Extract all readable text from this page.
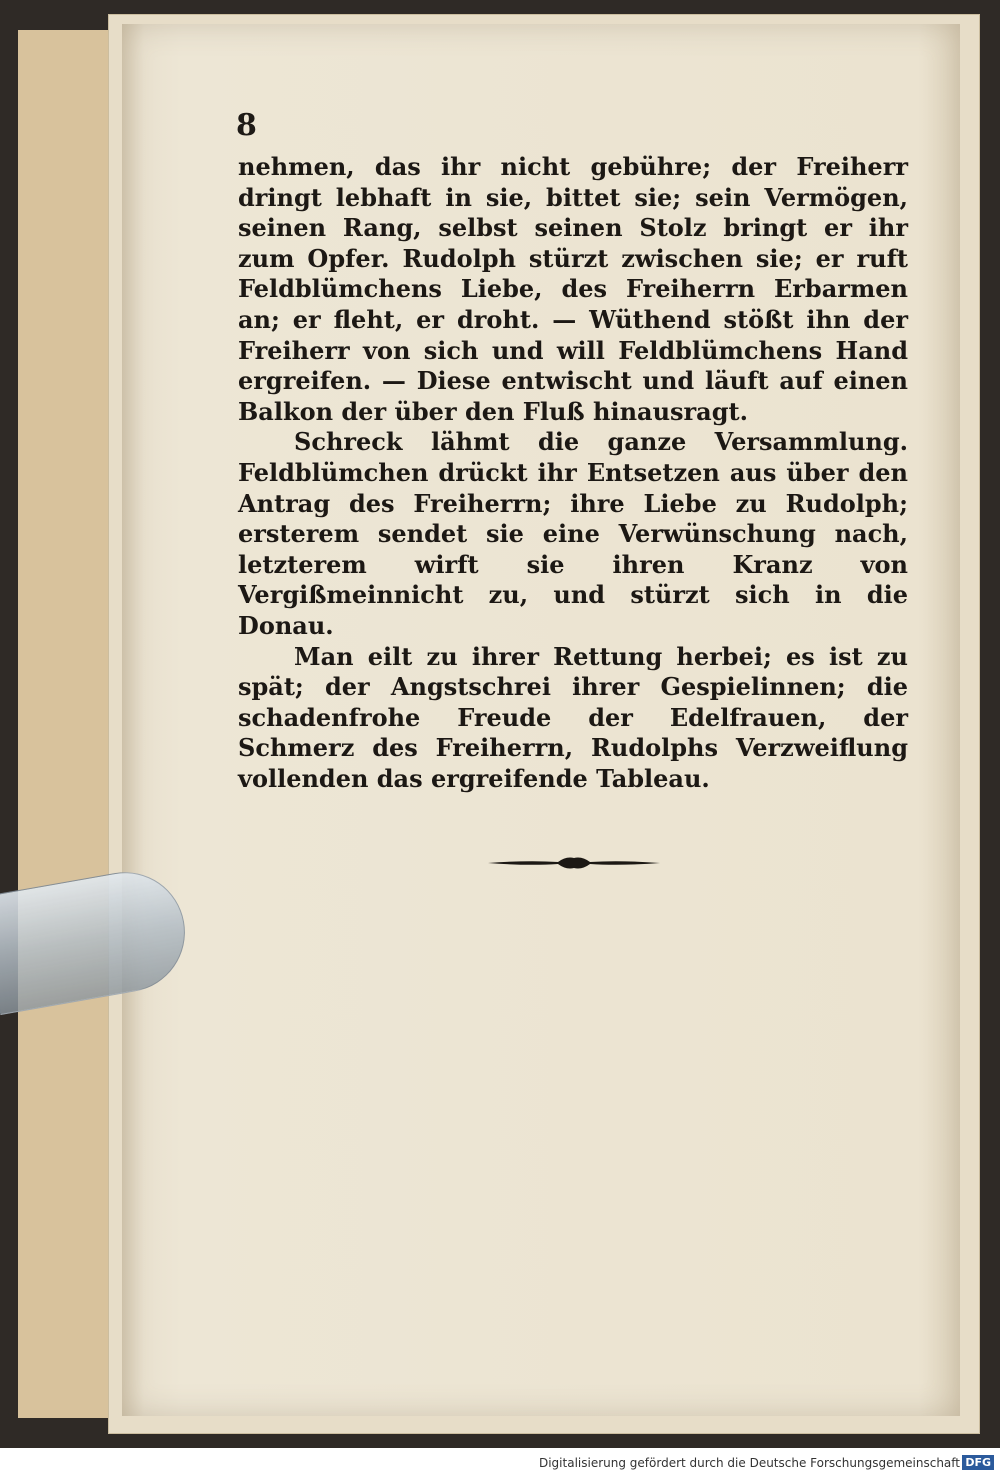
8

nehmen, das ihr nicht gebühre; der Freiherr dringt lebhaft in sie, bittet sie; sein Vermögen, seinen Rang, selbst seinen Stolz bringt er ihr zum Opfer. Rudolph stürzt zwischen sie; er ruft Feldblümchens Liebe, des Freiherrn Erbarmen an; er fleht, er droht. — Wüthend stößt ihn der Freiherr von sich und will Feldblümchens Hand ergreifen. — Diese entwischt und läuft auf einen Balkon der über den Fluß hinausragt.

Schreck lähmt die ganze Versammlung. Feldblümchen drückt ihr Entsetzen aus über den Antrag des Freiherrn; ihre Liebe zu Rudolph; ersterem sendet sie eine Verwünschung nach, letzterem wirft sie ihren Kranz von Vergißmeinnicht zu, und stürzt sich in die Donau.

Man eilt zu ihrer Rettung herbei; es ist zu spät; der Angstschrei ihrer Gespielinnen; die schadenfrohe Freude der Edelfrauen, der Schmerz des Freiherrn, Rudolphs Verzweiflung vollenden das ergreifende Tableau.

Digitalisierung gefördert durch die Deutsche Forschungsgemeinschaft DFG
